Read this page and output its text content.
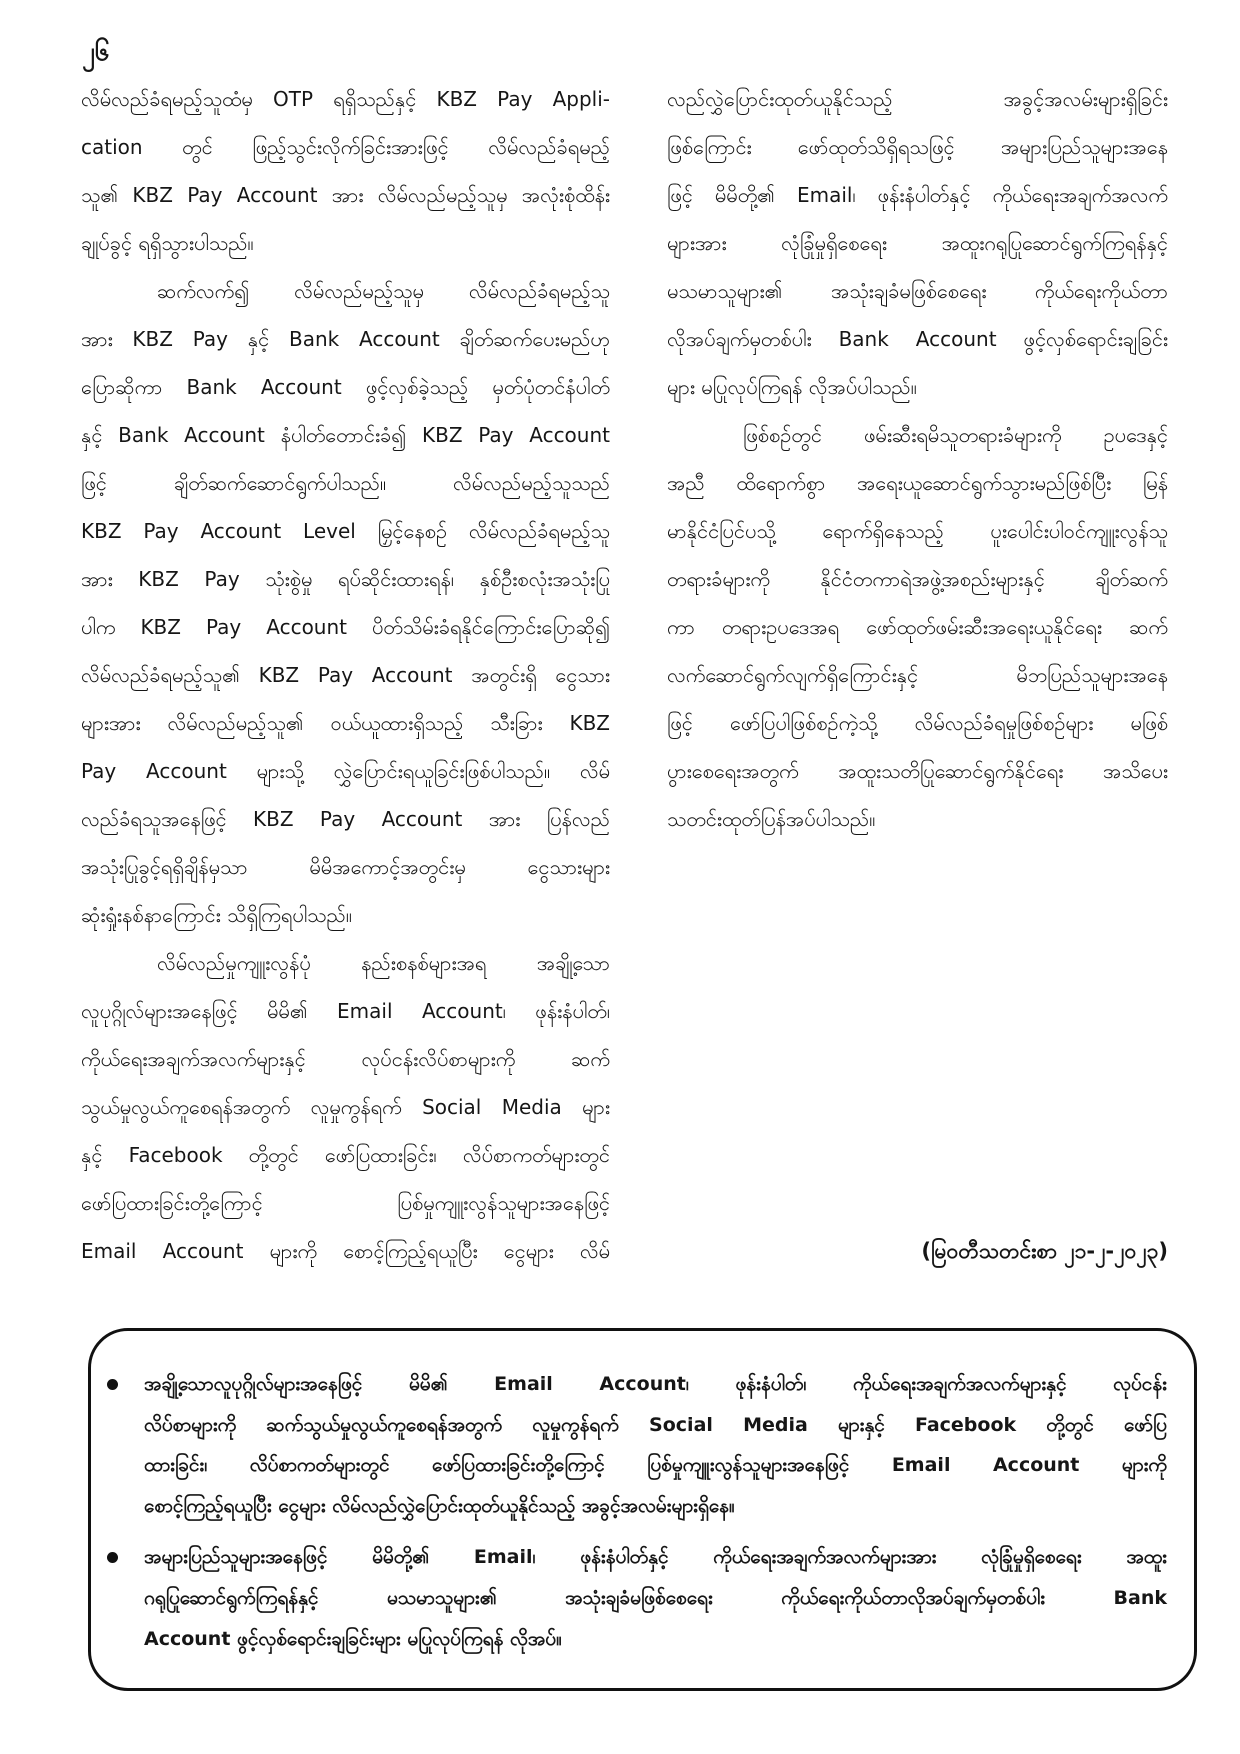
၂၆
လိမ်လည်ခံရမည့်သူထံမှ OTP ရရှိသည်နှင့် KBZ Pay Appli-
cation တွင် ဖြည့်သွင်းလိုက်ခြင်းအားဖြင့် လိမ်လည်ခံရမည့်
သူ၏ KBZ Pay Account အား လိမ်လည်မည့်သူမှ အလုံးစုံထိန်း
ချုပ်ခွင့် ရရှိသွားပါသည်။
ဆက်လက်၍ လိမ်လည်မည့်သူမှ လိမ်လည်ခံရမည့်သူ
အား KBZ Pay နှင့် Bank Account ချိတ်ဆက်ပေးမည်ဟု
ပြောဆိုကာ Bank Account ဖွင့်လှစ်ခဲ့သည့် မှတ်ပုံတင်နံပါတ်
နှင့် Bank Account နံပါတ်တောင်းခံ၍ KBZ Pay Account
ဖြင့် ချိတ်ဆက်ဆောင်ရွက်ပါသည်။ လိမ်လည်မည့်သူသည်
KBZ Pay Account Level မြှင့်နေစဉ် လိမ်လည်ခံရမည့်သူ
အား KBZ Pay သုံးစွဲမှု ရပ်ဆိုင်းထားရန်၊ နှစ်ဦးစလုံးအသုံးပြု
ပါက KBZ Pay Account ပိတ်သိမ်းခံရနိုင်ကြောင်းပြောဆို၍
လိမ်လည်ခံရမည့်သူ၏ KBZ Pay Account အတွင်းရှိ ငွေသား
များအား လိမ်လည်မည့်သူ၏ ဝယ်ယူထားရှိသည့် သီးခြား KBZ
Pay Account များသို့ လွှဲပြောင်းရယူခြင်းဖြစ်ပါသည်။ လိမ်
လည်ခံရသူအနေဖြင့် KBZ Pay Account အား ပြန်လည်
အသုံးပြုခွင့်ရရှိချိန်မှသာ မိမိအကောင့်အတွင်းမှ ငွေသားများ
ဆုံးရှုံးနစ်နာကြောင်း သိရှိကြရပါသည်။
လိမ်လည်မှုကျူးလွန်ပုံ နည်းစနစ်များအရ အချို့သော
လူပုဂ္ဂိုလ်များအနေဖြင့် မိမိ၏ Email Account၊ ဖုန်းနံပါတ်၊
ကိုယ်ရေးအချက်အလက်များနှင့် လုပ်ငန်းလိပ်စာများကို ဆက်
သွယ်မှုလွယ်ကူစေရန်အတွက် လူမှုကွန်ရက် Social Media များ
နှင့် Facebook တို့တွင် ဖော်ပြထားခြင်း၊ လိပ်စာကတ်များတွင်
ဖော်ပြထားခြင်းတို့ကြောင့် ပြစ်မှုကျူးလွန်သူများအနေဖြင့်
Email Account များကို စောင့်ကြည့်ရယူပြီး ငွေများ လိမ်
လည်လွှဲပြောင်းထုတ်ယူနိုင်သည့် အခွင့်အလမ်းများရှိခြင်း
ဖြစ်ကြောင်း ဖော်ထုတ်သိရှိရသဖြင့် အများပြည်သူများအနေ
ဖြင့် မိမိတို့၏ Email၊ ဖုန်းနံပါတ်နှင့် ကိုယ်ရေးအချက်အလက်
များအား လုံခြုံမှုရှိစေရေး အထူးဂရုပြုဆောင်ရွက်ကြရန်နှင့်
မသမာသူများ၏ အသုံးချခံမဖြစ်စေရေး ကိုယ်ရေးကိုယ်တာ
လိုအပ်ချက်မှတစ်ပါး Bank Account ဖွင့်လှစ်ရောင်းချခြင်း
များ မပြုလုပ်ကြရန် လိုအပ်ပါသည်။
ဖြစ်စဉ်တွင် ဖမ်းဆီးရမိသူတရားခံများကို ဥပဒေနှင့်
အညီ ထိရောက်စွာ အရေးယူဆောင်ရွက်သွားမည်ဖြစ်ပြီး မြန်
မာနိုင်ငံပြင်ပသို့ ရောက်ရှိနေသည့် ပူးပေါင်းပါဝင်ကျူးလွန်သူ
တရားခံများကို နိုင်ငံတကာရဲအဖွဲ့အစည်းများနှင့် ချိတ်ဆက်
ကာ တရားဥပဒေအရ ဖော်ထုတ်ဖမ်းဆီးအရေးယူနိုင်ရေး ဆက်
လက်ဆောင်ရွက်လျက်ရှိကြောင်းနှင့် မိဘပြည်သူများအနေ
ဖြင့် ဖော်ပြပါဖြစ်စဉ်ကဲ့သို့ လိမ်လည်ခံရမှုဖြစ်စဉ်များ မဖြစ်
ပွားစေရေးအတွက် အထူးသတိပြုဆောင်ရွက်နိုင်ရေး အသိပေး
သတင်းထုတ်ပြန်အပ်ပါသည်။
(မြဝတီသတင်းစာ ၂၁-၂-၂၀၂၃)
အချို့သောလူပုဂ္ဂိုလ်များအနေဖြင့် မိမိ၏ Email Account၊ ဖုန်းနံပါတ်၊ ကိုယ်ရေးအချက်အလက်များနှင့် လုပ်ငန်း
လိပ်စာများကို ဆက်သွယ်မှုလွယ်ကူစေရန်အတွက် လူမှုကွန်ရက် Social Media များနှင့် Facebook တို့တွင် ဖော်ပြ
ထားခြင်း၊ လိပ်စာကတ်များတွင် ဖော်ပြထားခြင်းတို့ကြောင့် ပြစ်မှုကျူးလွန်သူများအနေဖြင့် Email Account များကို
စောင့်ကြည့်ရယူပြီး ငွေများ လိမ်လည်လွှဲပြောင်းထုတ်ယူနိုင်သည့် အခွင့်အလမ်းများရှိနေ။
အများပြည်သူများအနေဖြင့် မိမိတို့၏ Email၊ ဖုန်းနံပါတ်နှင့် ကိုယ်ရေးအချက်အလက်များအား လုံခြုံမှုရှိစေရေး အထူး
ဂရုပြုဆောင်ရွက်ကြရန်နှင့် မသမာသူများ၏ အသုံးချခံမဖြစ်စေရေး ကိုယ်ရေးကိုယ်တာလိုအပ်ချက်မှတစ်ပါး Bank
Account ဖွင့်လှစ်ရောင်းချခြင်းများ မပြုလုပ်ကြရန် လိုအပ်။
